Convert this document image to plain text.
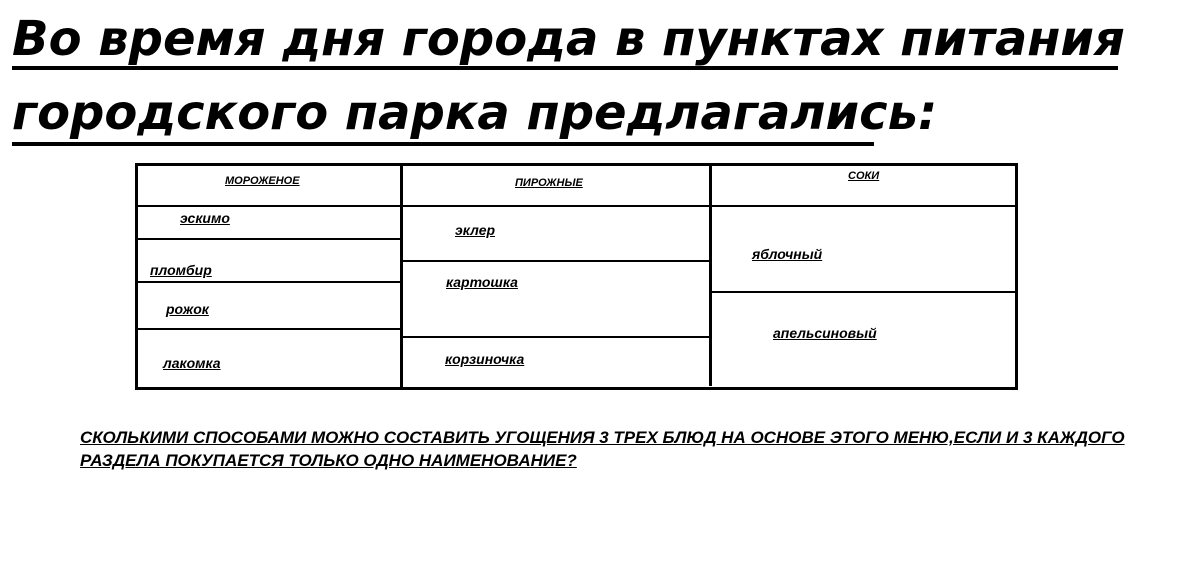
Во время дня города в пунктах питания
городского парка предлагались:
МОРОЖЕНОЕ	ПИРОЖНЫЕ
СОКИ
эскимо
пломбир
рожок
лакомка
эклер
картошка
корзиночка
яблочный
апельсиновый
СКОЛЬКИМИ СПОСОБАМИ МОЖНО СОСТАВИТЬ УГОЩЕНИЯ 3 ТРЕХ БЛЮД НА ОСНОВЕ ЭТОГО МЕНЮ,ЕСЛИ И 3 КАЖДОГО РАЗДЕЛА ПОКУПАЕТСЯ ТОЛЬКО ОДНО НАИМЕНОВАНИЕ?
